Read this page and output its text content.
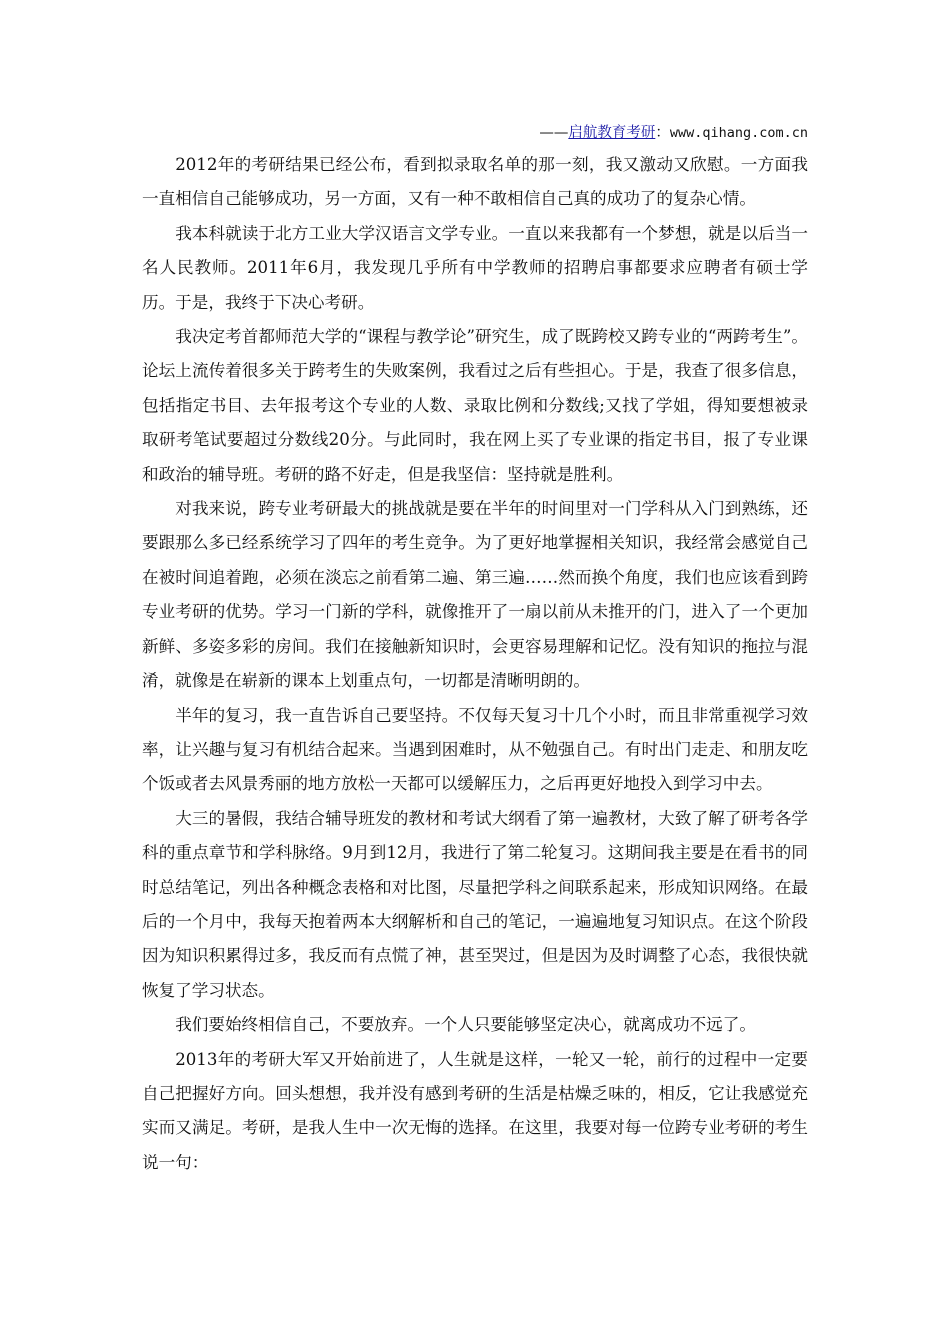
——启航教育考研：www.qihang.com.cn

2012年的考研结果已经公布，看到拟录取名单的那一刻，我又激动又欣慰。一方面我一直相信自己能够成功，另一方面，又有一种不敢相信自己真的成功了的复杂心情。

我本科就读于北方工业大学汉语言文学专业。一直以来我都有一个梦想，就是以后当一名人民教师。2011年6月，我发现几乎所有中学教师的招聘启事都要求应聘者有硕士学历。于是，我终于下决心考研。

我决定考首都师范大学的“课程与教学论”研究生，成了既跨校又跨专业的“两跨考生”。论坛上流传着很多关于跨考生的失败案例，我看过之后有些担心。于是，我查了很多信息，包括指定书目、去年报考这个专业的人数、录取比例和分数线;又找了学姐，得知要想被录取研考笔试要超过分数线20分。与此同时，我在网上买了专业课的指定书目，报了专业课和政治的辅导班。考研的路不好走，但是我坚信：坚持就是胜利。

对我来说，跨专业考研最大的挑战就是要在半年的时间里对一门学科从入门到熟练，还要跟那么多已经系统学习了四年的考生竞争。为了更好地掌握相关知识，我经常会感觉自己在被时间追着跑，必须在淡忘之前看第二遍、第三遍……然而换个角度，我们也应该看到跨专业考研的优势。学习一门新的学科，就像推开了一扇以前从未推开的门，进入了一个更加新鲜、多姿多彩的房间。我们在接触新知识时，会更容易理解和记忆。没有知识的拖拉与混淆，就像是在崭新的课本上划重点句，一切都是清晰明朗的。

半年的复习，我一直告诉自己要坚持。不仅每天复习十几个小时，而且非常重视学习效率，让兴趣与复习有机结合起来。当遇到困难时，从不勉强自己。有时出门走走、和朋友吃个饭或者去风景秀丽的地方放松一天都可以缓解压力，之后再更好地投入到学习中去。

大三的暑假，我结合辅导班发的教材和考试大纲看了第一遍教材，大致了解了研考各学科的重点章节和学科脉络。9月到12月，我进行了第二轮复习。这期间我主要是在看书的同时总结笔记，列出各种概念表格和对比图，尽量把学科之间联系起来，形成知识网络。在最后的一个月中，我每天抱着两本大纲解析和自己的笔记，一遍遍地复习知识点。在这个阶段因为知识积累得过多，我反而有点慌了神，甚至哭过，但是因为及时调整了心态，我很快就恢复了学习状态。

我们要始终相信自己，不要放弃。一个人只要能够坚定决心，就离成功不远了。

2013年的考研大军又开始前进了，人生就是这样，一轮又一轮，前行的过程中一定要自己把握好方向。回头想想，我并没有感到考研的生活是枯燥乏味的，相反，它让我感觉充实而又满足。考研，是我人生中一次无悔的选择。在这里，我要对每一位跨专业考研的考生说一句：
